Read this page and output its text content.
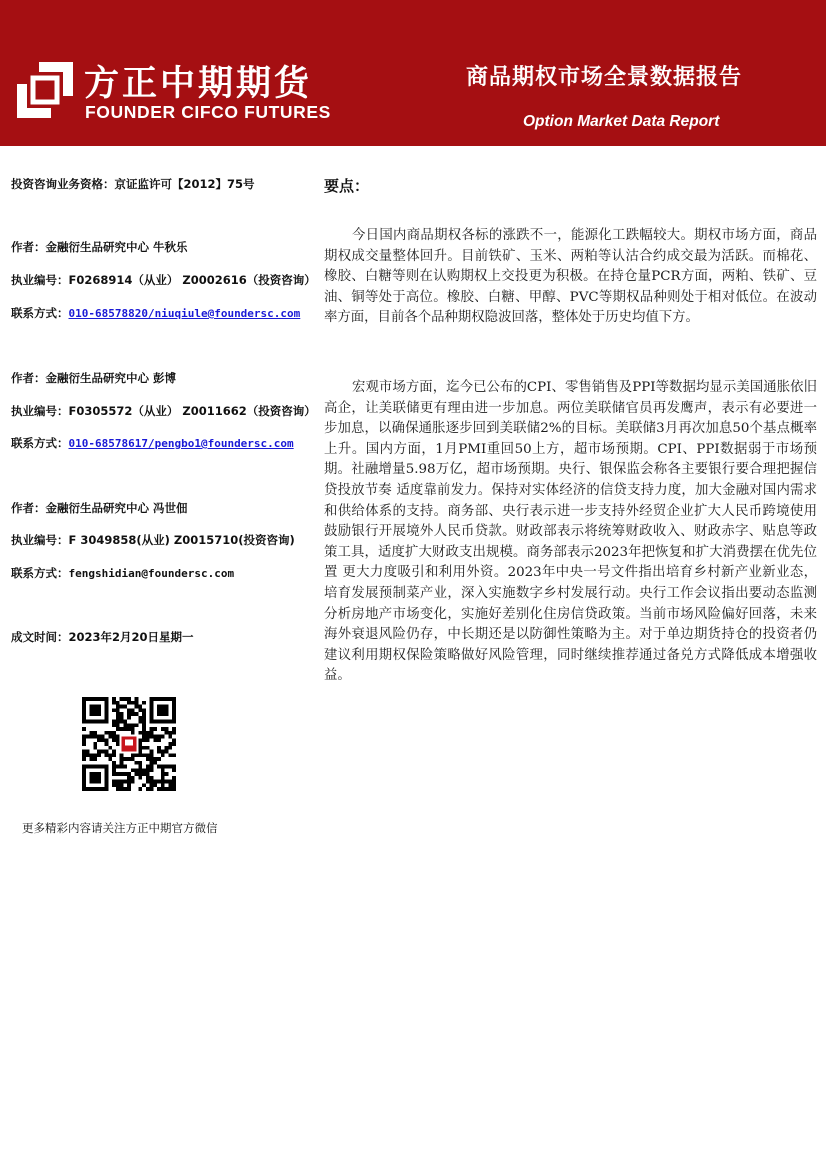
方正中期期货
FOUNDER CIFCO FUTURES
商品期权市场全景数据报告
Option Market Data Report
投资咨询业务资格：京证监许可【2012】75号
作者：金融衍生品研究中心 牛秋乐
执业编号：F0268914（从业） Z0002616（投资咨询）
联系方式：010-68578820/niuqiule@foundersc.com
作者：金融衍生品研究中心 彭博
执业编号：F0305572（从业） Z0011662（投资咨询）
联系方式：010-68578617/pengbo1@foundersc.com
作者：金融衍生品研究中心 冯世佃
执业编号：F 3049858(从业) Z0015710(投资咨询)
联系方式：fengshidian@foundersc.com
成文时间：2023年2月20日星期一
更多精彩内容请关注方正中期官方微信
要点：

今日国内商品期权各标的涨跌不一，能源化工跌幅较大。期权市场方面，商品期权成交量整体回升。目前铁矿、玉米、两粕等认沽合约成交最为活跃。而棉花、橡胶、白糖等则在认购期权上交投更为积极。在持仓量PCR方面，两粕、铁矿、豆油、铜等处于高位。橡胶、白糖、甲醇、PVC等期权品种则处于相对低位。在波动率方面，目前各个品种期权隐波回落，整体处于历史均值下方。

宏观市场方面，迄今已公布的CPI、零售销售及PPI等数据均显示美国通胀依旧高企，让美联储更有理由进一步加息。两位美联储官员再发鹰声，表示有必要进一步加息，以确保通胀逐步回到美联储2%的目标。美联储3月再次加息50个基点概率上升。国内方面，1月PMI重回50上方，超市场预期。CPI、PPI数据弱于市场预期。社融增量5.98万亿，超市场预期。央行、银保监会称各主要银行要合理把握信贷投放节奏 适度靠前发力。保持对实体经济的信贷支持力度，加大金融对国内需求和供给体系的支持。商务部、央行表示进一步支持外经贸企业扩大人民币跨境使用 鼓励银行开展境外人民币贷款。财政部表示将统筹财政收入、财政赤字、贴息等政策工具，适度扩大财政支出规模。商务部表示2023年把恢复和扩大消费摆在优先位置 更大力度吸引和利用外资。2023年中央一号文件指出培育乡村新产业新业态，培育发展预制菜产业，深入实施数字乡村发展行动。央行工作会议指出要动态监测分析房地产市场变化，实施好差别化住房信贷政策。当前市场风险偏好回落，未来海外衰退风险仍存，中长期还是以防御性策略为主。对于单边期货持仓的投资者仍建议利用期权保险策略做好风险管理，同时继续推荐通过备兑方式降低成本增强收益。
